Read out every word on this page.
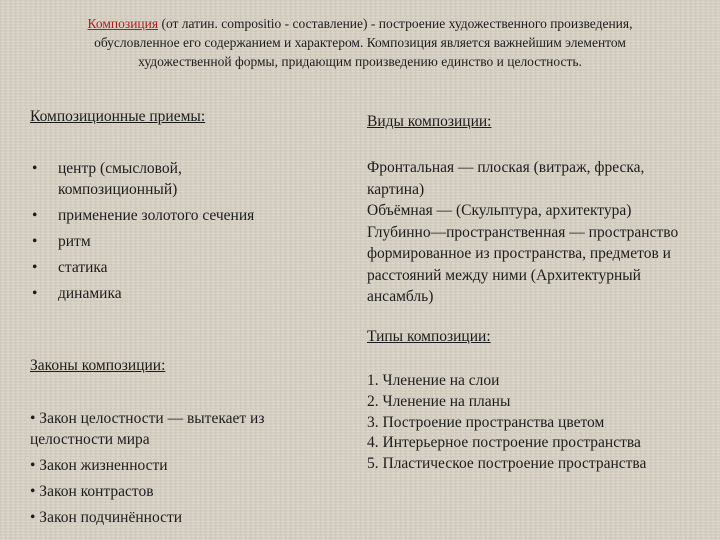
Композиция (от латин. compositio - составление) - построение художественного произведения, обусловленное его содержанием и характером. Композиция является важнейшим элементом художественной формы, придающим произведению единство и целостность.
Композиционные приемы:
• центр (смысловой, композиционный)
• применение золотого сечения
• ритм
• статика
• динамика
Виды композиции:
Фронтальная — плоская (витраж, фреска, картина)
Объёмная — (Скульптура, архитектура)
Глубинно—пространственная — пространство формированное из пространства, предметов и расстояний между ними (Архитектурный ансамбль)
Типы композиции:
1. Членение на слои
2. Членение на планы
3. Построение пространства цветом
4. Интерьерное построение пространства
5. Пластическое построение пространства
Законы композиции:
• Закон целостности — вытекает из целостности мира
• Закон жизненности
• Закон контрастов
• Закон подчинённости
